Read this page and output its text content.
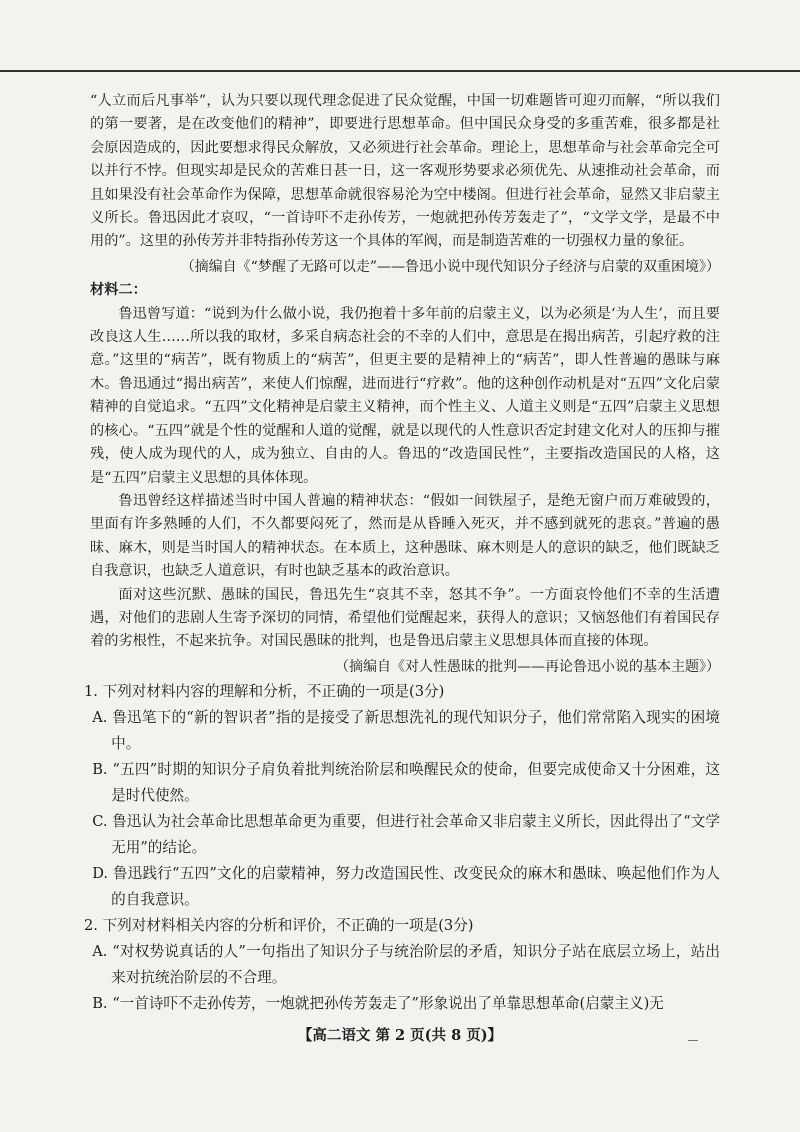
“人立而后凡事举”，认为只要以现代理念促进了民众觉醒，中国一切难题皆可迎刃而解，“所以我们的第一要著，是在改变他们的精神”，即要进行思想革命。但中国民众身受的多重苦难，很多都是社会原因造成的，因此要想求得民众解放，又必须进行社会革命。理论上，思想革命与社会革命完全可以并行不悖。但现实却是民众的苦难日甚一日，这一客观形势要求必须优先、从速推动社会革命，而且如果没有社会革命作为保障，思想革命就很容易沦为空中楼阁。但进行社会革命，显然又非启蒙主义所长。鲁迅因此才哀叹，“一首诗吓不走孙传芳，一炮就把孙传芳轰走了”，“文学文学，是最不中用的”。这里的孙传芳并非特指孙传芳这一个具体的军阀，而是制造苦难的一切强权力量的象征。

（摘编自《“梦醒了无路可以走”——鲁迅小说中现代知识分子经济与启蒙的双重困境》）

材料二：

鲁迅曾写道：“说到为什么做小说，我仍抱着十多年前的启蒙主义，以为必须是‘为人生’，而且要改良这人生……所以我的取材，多采自病态社会的不幸的人们中，意思是在揭出病苦，引起疗救的注意。”这里的“病苦”，既有物质上的“病苦”，但更主要的是精神上的“病苦”，即人性普遍的愚昧与麻木。鲁迅通过“揭出病苦”，来使人们惊醒，进而进行“疗救”。他的这种创作动机是对“五四”文化启蒙精神的自觉追求。“五四”文化精神是启蒙主义精神，而个性主义、人道主义则是“五四”启蒙主义思想的核心。“五四”就是个性的觉醒和人道的觉醒，就是以现代的人性意识否定封建文化对人的压抑与摧残，使人成为现代的人，成为独立、自由的人。鲁迅的“改造国民性”，主要指改造国民的人格，这是“五四”启蒙主义思想的具体体现。

鲁迅曾经这样描述当时中国人普遍的精神状态：“假如一间铁屋子，是绝无窗户而万难破毁的，里面有许多熟睡的人们，不久都要闷死了，然而是从昏睡入死灭，并不感到就死的悲哀。”普遍的愚昧、麻木，则是当时国人的精神状态。在本质上，这种愚昧、麻木则是人的意识的缺乏，他们既缺乏自我意识，也缺乏人道意识，有时也缺乏基本的政治意识。

面对这些沉默、愚昧的国民，鲁迅先生“哀其不幸，怒其不争”。一方面哀怜他们不幸的生活遭遇，对他们的悲剧人生寄予深切的同情，希望他们觉醒起来，获得人的意识；又恼怒他们有着国民存着的劣根性，不起来抗争。对国民愚昧的批判，也是鲁迅启蒙主义思想具体而直接的体现。

（摘编自《对人性愚昧的批判——再论鲁迅小说的基本主题》）

1. 下列对材料内容的理解和分析，不正确的一项是(3分)

A. 鲁迅笔下的“新的智识者”指的是接受了新思想洗礼的现代知识分子，他们常常陷入现实的困境中。

B. “五四”时期的知识分子肩负着批判统治阶层和唤醒民众的使命，但要完成使命又十分困难，这是时代使然。

C. 鲁迅认为社会革命比思想革命更为重要，但进行社会革命又非启蒙主义所长，因此得出了“文学无用”的结论。

D. 鲁迅践行“五四”文化的启蒙精神，努力改造国民性、改变民众的麻木和愚昧、唤起他们作为人的自我意识。

2. 下列对材料相关内容的分析和评价，不正确的一项是(3分)

A. “对权势说真话的人”一句指出了知识分子与统治阶层的矛盾，知识分子站在底层立场上，站出来对抗统治阶层的不合理。

B. “一首诗吓不走孙传芳，一炮就把孙传芳轰走了”形象说出了单靠思想革命(启蒙主义)无

【高二语文 第 2 页(共 8 页)】
